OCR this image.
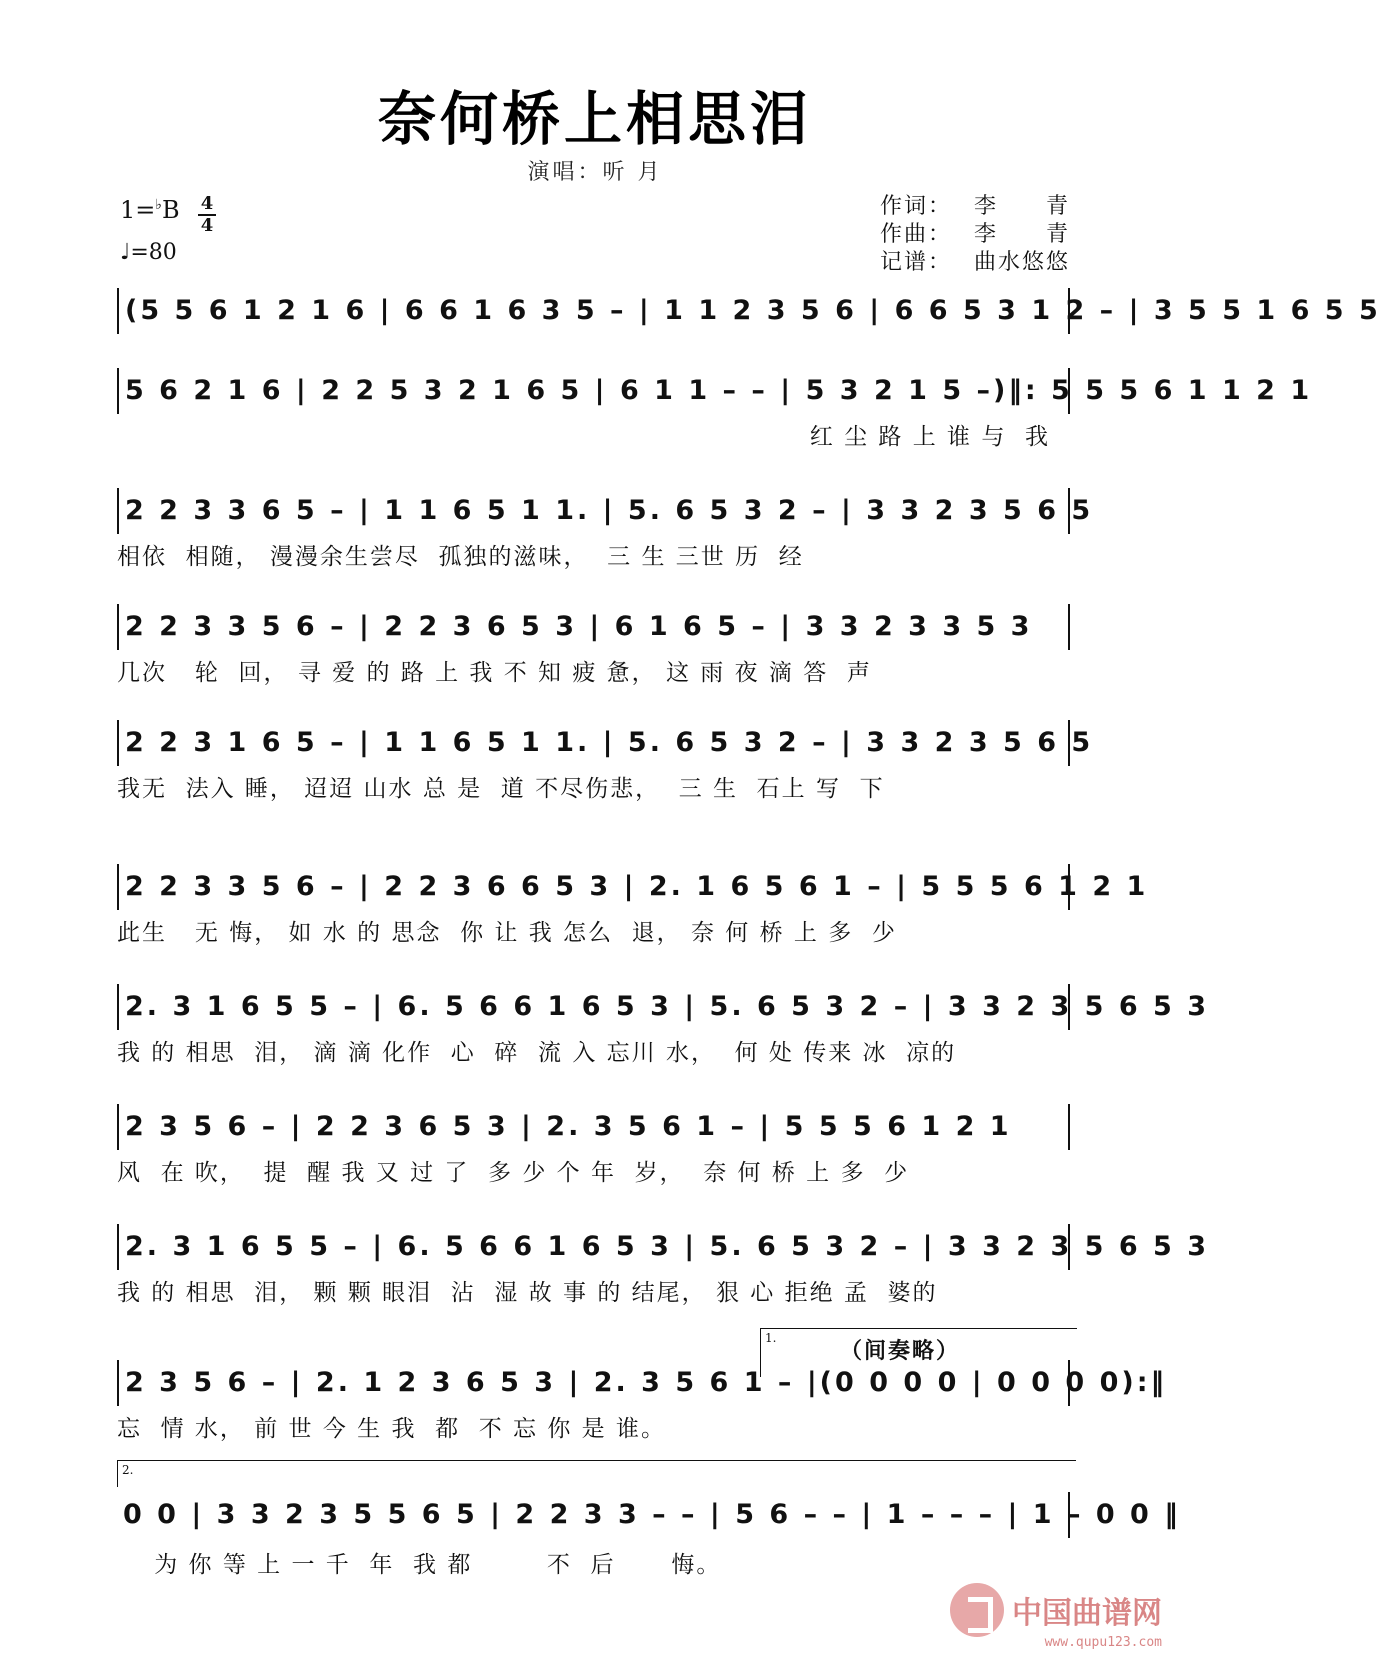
奈何桥上相思泪
演唱：听 月
1=♭B 4
4
♩=80
作词： 李　　青
作曲： 李　　青
记谱： 曲水悠悠
(5 5 6 1 2 1 6 | 6 6 1 6 3 5 – | 1 1 2 3 5 6 | 6 6 5 3 1 2 – | 3 5 5 1 6 5 5
5 6 2 1 6 | 2 2 5 3 2 1 6 5 | 6 1 1 – – | 5 3 2 1 5 –)‖: 5 5 5 6 1 1 2 1
红 尘 路 上 谁 与  我
2 2 3 3 6 5 – | 1 1 6 5 1 1. | 5. 6 5 3 2 – | 3 3 2 3 5 6 5
相依  相随， 漫漫余生尝尽  孤独的滋味，  三 生 三世 历  经
2 2 3 3 5 6 – | 2 2 3 6 5 3 | 6 1 6 5 – | 3 3 2 3 3 5 3
几次   轮  回， 寻 爱 的 路 上 我 不 知 疲 惫， 这 雨 夜 滴 答  声
2 2 3 1 6 5 – | 1 1 6 5 1 1. | 5. 6 5 3 2 – | 3 3 2 3 5 6 5
我无  法入 睡， 迢迢 山水 总 是  道 不尽伤悲，  三 生  石上 写  下
2 2 3 3 5 6 – | 2 2 3 6 6 5 3 | 2. 1 6 5 6 1 – | 5 5 5 6 1 2 1
此生   无 悔， 如 水 的 思念  你 让 我 怎么  退， 奈 何 桥 上 多  少
2. 3 1 6 5 5 – | 6. 5 6 6 1 6 5 3 | 5. 6 5 3 2 – | 3 3 2 3 5 6 5 3
我 的 相思  泪， 滴 滴 化作  心  碎  流 入 忘川 水，  何 处 传来 冰  凉的
2 3 5 6 – | 2 2 3 6 5 3 | 2. 3 5 6 1 – | 5 5 5 6 1 2 1
风  在 吹，  提  醒 我 又 过 了  多 少 个 年  岁，  奈 何 桥 上 多  少
2. 3 1 6 5 5 – | 6. 5 6 6 1 6 5 3 | 5. 6 5 3 2 – | 3 3 2 3 5 6 5 3
我 的 相思  泪， 颗 颗 眼泪  沾  湿 故 事 的 结尾， 狠 心 拒绝 孟  婆的
1.	（间奏略）
2 3 5 6 – | 2. 1 2 3 6 5 3 | 2. 3 5 6 1 – |(0 0 0 0 | 0 0 0 0):‖
忘  情 水， 前 世 今 生 我  都  不 忘 你 是 谁。
2.
0 0 | 3 3 2 3 5 5 6 5 | 2 2 3 3 – – | 5 6 – – | 1 – – – | 1 – 0 0 ‖
为 你 等 上 一 千  年  我 都        不  后      悔。
中国曲谱网
www.qupu123.com
